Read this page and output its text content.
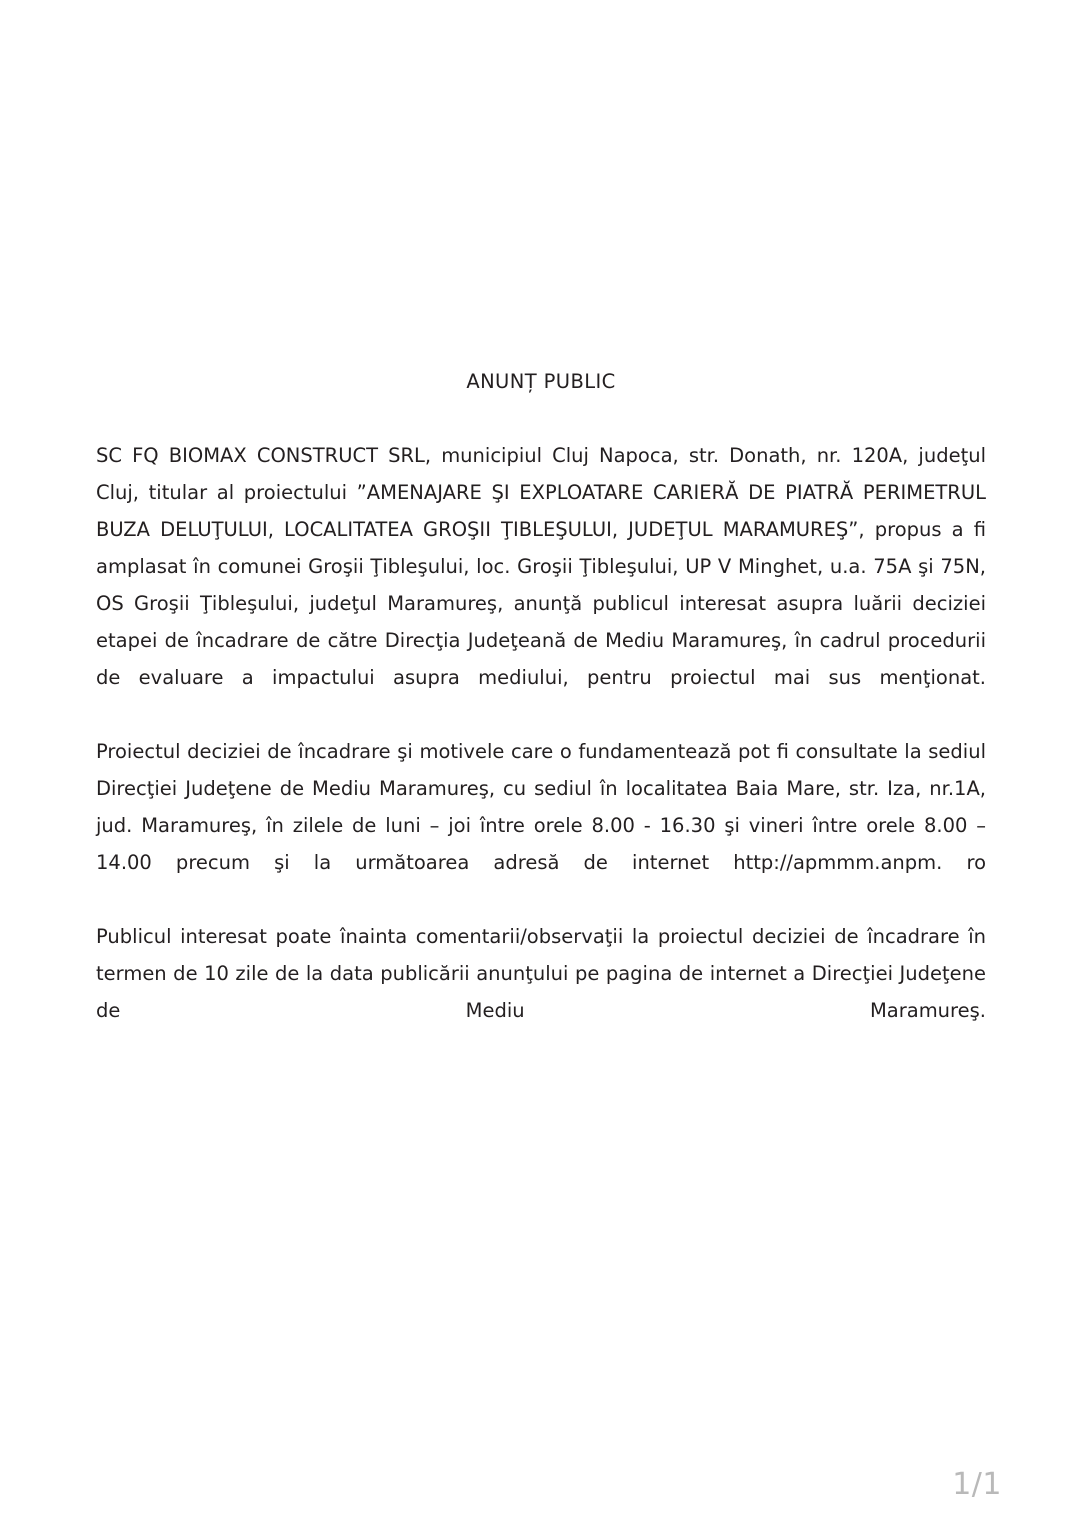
ANUNȚ PUBLIC

SC FQ BIOMAX CONSTRUCT SRL, municipiul Cluj Napoca, str. Donath, nr. 120A, judeţul Cluj, titular al proiectului ”AMENAJARE ŞI EXPLOATARE CARIERĂ DE PIATRĂ PERIMETRUL BUZA DELUŢULUI, LOCALITATEA GROŞII ŢIBLEŞULUI, JUDEŢUL MARAMUREŞ”, propus a fi amplasat în comunei Groşii Ţibleşului, loc. Groşii Ţibleşului, UP V Minghet, u.a. 75A şi 75N, OS Groşii Ţibleşului, judeţul Maramureş, anunţă publicul interesat asupra luării deciziei etapei de încadrare de către Direcţia Judeţeană de Mediu Maramureş, în cadrul procedurii de evaluare a impactului asupra mediului, pentru proiectul mai sus menţionat.

Proiectul deciziei de încadrare şi motivele care o fundamentează pot fi consultate la sediul Direcţiei Judeţene de Mediu Maramureş, cu sediul în localitatea Baia Mare, str. Iza, nr.1A, jud. Maramureş, în zilele de luni – joi între orele 8.00 - 16.30 şi vineri între orele 8.00 – 14.00 precum şi la următoarea adresă de internet http://apmmm.anpm. ro

Publicul interesat poate înainta comentarii/observaţii la proiectul deciziei de încadrare în termen de 10 zile de la data publicării anunţului pe pagina de internet a Direcţiei Judeţene de Mediu Maramureş.

1/1
